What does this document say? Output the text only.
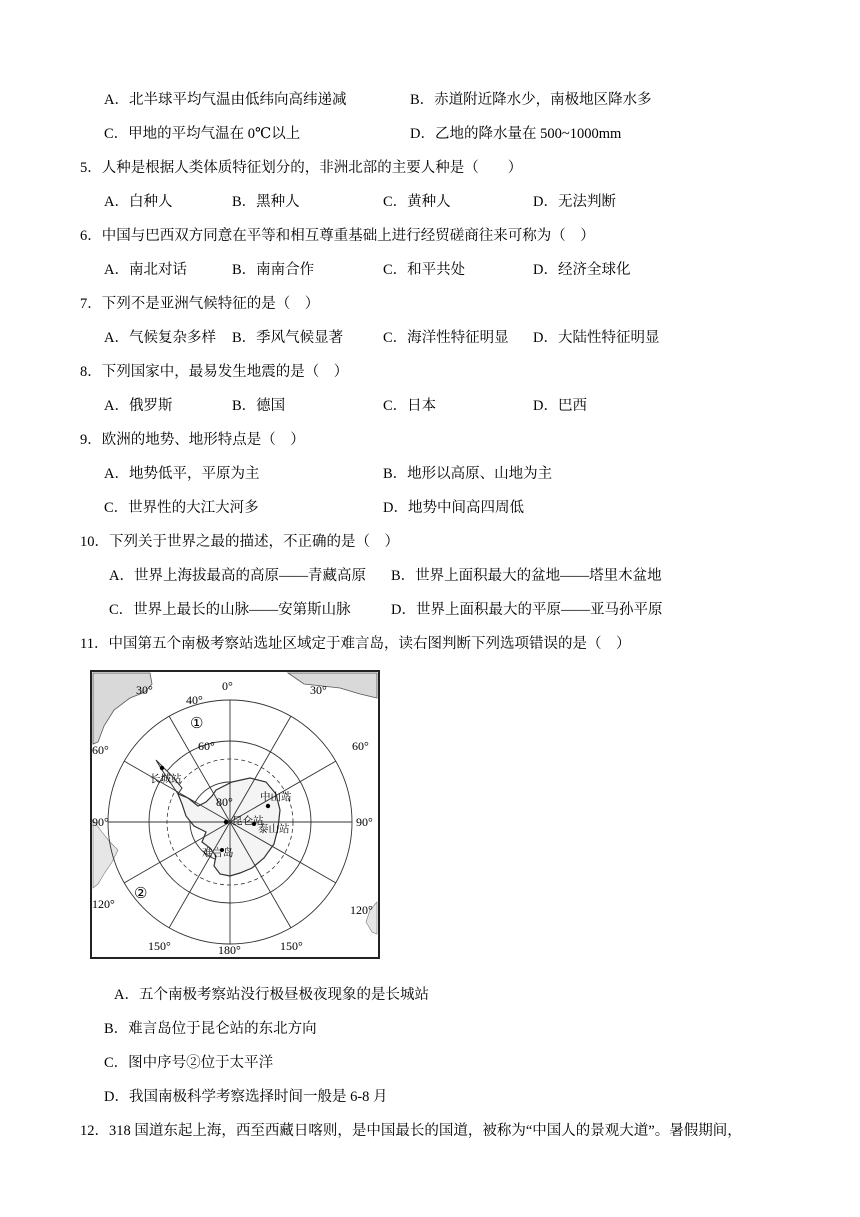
A．北半球平均气温由低纬向高纬递减	B．赤道附近降水少，南极地区降水多
C．甲地的平均气温在 0℃以上	D．乙地的降水量在 500~1000mm
5．人种是根据人类体质特征划分的，非洲北部的主要人种是（　　）
A．白种人	B．黑种人	C．黄种人	D．无法判断
6．中国与巴西双方同意在平等和相互尊重基础上进行经贸磋商往来可称为（　）
A．南北对话	B．南南合作	C．和平共处	D．经济全球化
7．下列不是亚洲气候特征的是（　）
A．气候复杂多样 B．季风气候显著	C．海洋性特征明显 D．大陆性特征明显
8．下列国家中，最易发生地震的是（　）
A．俄罗斯	B．德国	C．日本	D．巴西
9．欧洲的地势、地形特点是（　）
A．地势低平，平原为主	B．地形以高原、山地为主
C．世界性的大江大河多	D．地势中间高四周低
10．下列关于世界之最的描述，不正确的是（　）
A．世界上海拔最高的高原——青藏高原 B．世界上面积最大的盆地——塔里木盆地
C．世界上最长的山脉——安第斯山脉	D．世界上面积最大的平原——亚马孙平原
11．中国第五个南极考察站选址区域定于难言岛，读右图判断下列选项错误的是（　）
0°
30°	30°
60°	60°
90°	90°
120°	120°
150°	180°	150°
40°
60°
80°
①
②
长城站
中山站
昆仑站
泰山站
难言岛
A．五个南极考察站没行极昼极夜现象的是长城站
B．难言岛位于昆仑站的东北方向
C．图中序号②位于太平洋
D．我国南极科学考察选择时间一般是 6-8 月
12．318 国道东起上海，西至西藏日喀则，是中国最长的国道，被称为“中国人的景观大道”。暑假期间，
